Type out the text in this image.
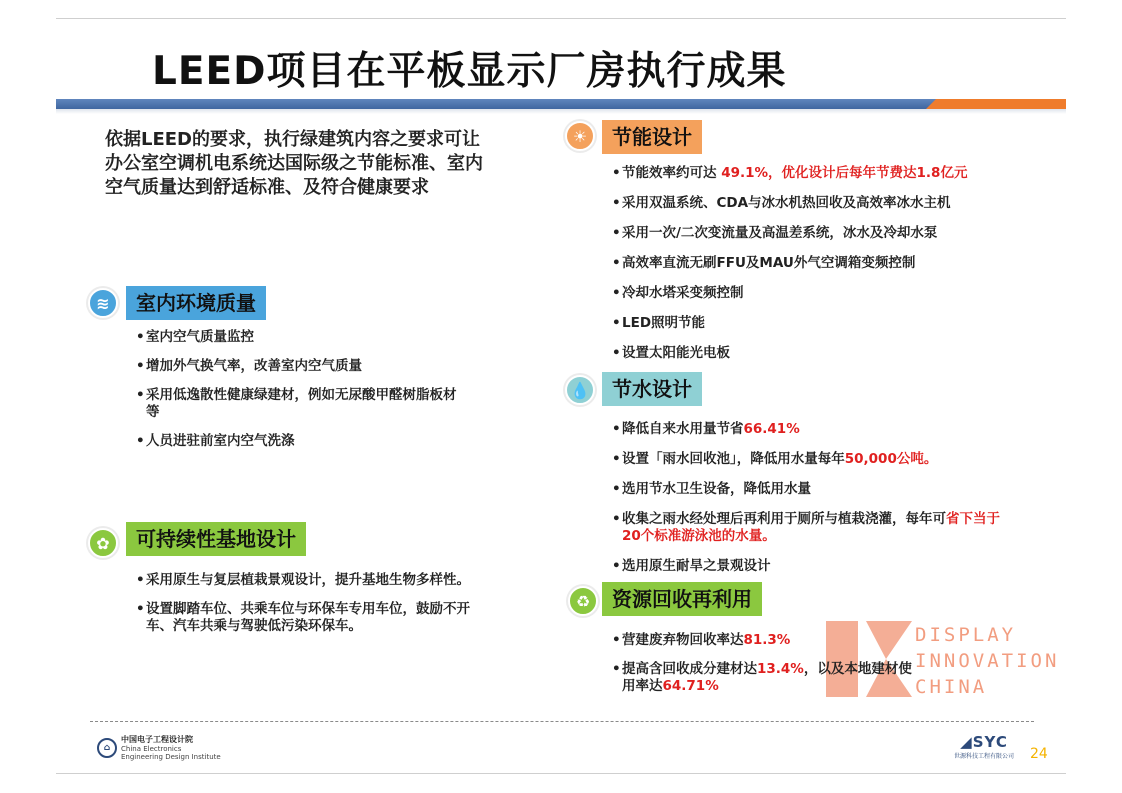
LEED项目在平板显示厂房执行成果
依据LEED的要求，执行绿建筑内容之要求可让办公室空调机电系统达国际级之节能标准、室内空气质量达到舒适标准、及符合健康要求
≋	室内环境质量
• 室内空气质量监控
• 增加外气换气率，改善室内空气质量
• 采用低逸散性健康绿建材，例如无尿酸甲醛树脂板材等
• 人员进驻前室内空气洗涤
✿	可持续性基地设计
• 采用原生与复层植栽景观设计，提升基地生物多样性。
• 设置脚踏车位、共乘车位与环保车专用车位，鼓励不开车、汽车共乘与驾驶低污染环保车。
☀	节能设计
• 节能效率约可达 49.1%，优化设计后每年节费达1.8亿元
• 采用双温系统、CDA与冰水机热回收及高效率冰水主机
• 采用一次/二次变流量及高温差系统，冰水及冷却水泵
• 高效率直流无刷FFU及MAU外气空调箱变频控制
• 冷却水塔采变频控制
• LED照明节能
• 设置太阳能光电板
💧	节水设计
• 降低自来水用量节省66.41%
• 设置「雨水回收池」，降低用水量每年50,000公吨。
• 选用节水卫生设备，降低用水量
• 收集之雨水经处理后再利用于厕所与植栽浇灌，每年可省下当于20个标准游泳池的水量。
• 选用原生耐旱之景观设计
♻	资源回收再利用
DISPLAY
INNOVATION
CHINA
• 营建废弃物回收率达81.3%
• 提高含回收成分建材达13.4%，以及本地建材使用率达64.71%
⌂
中国电子工程设计院
China Electronics
Engineering Design Institute
◢SYC
世源科技工程有限公司 24
